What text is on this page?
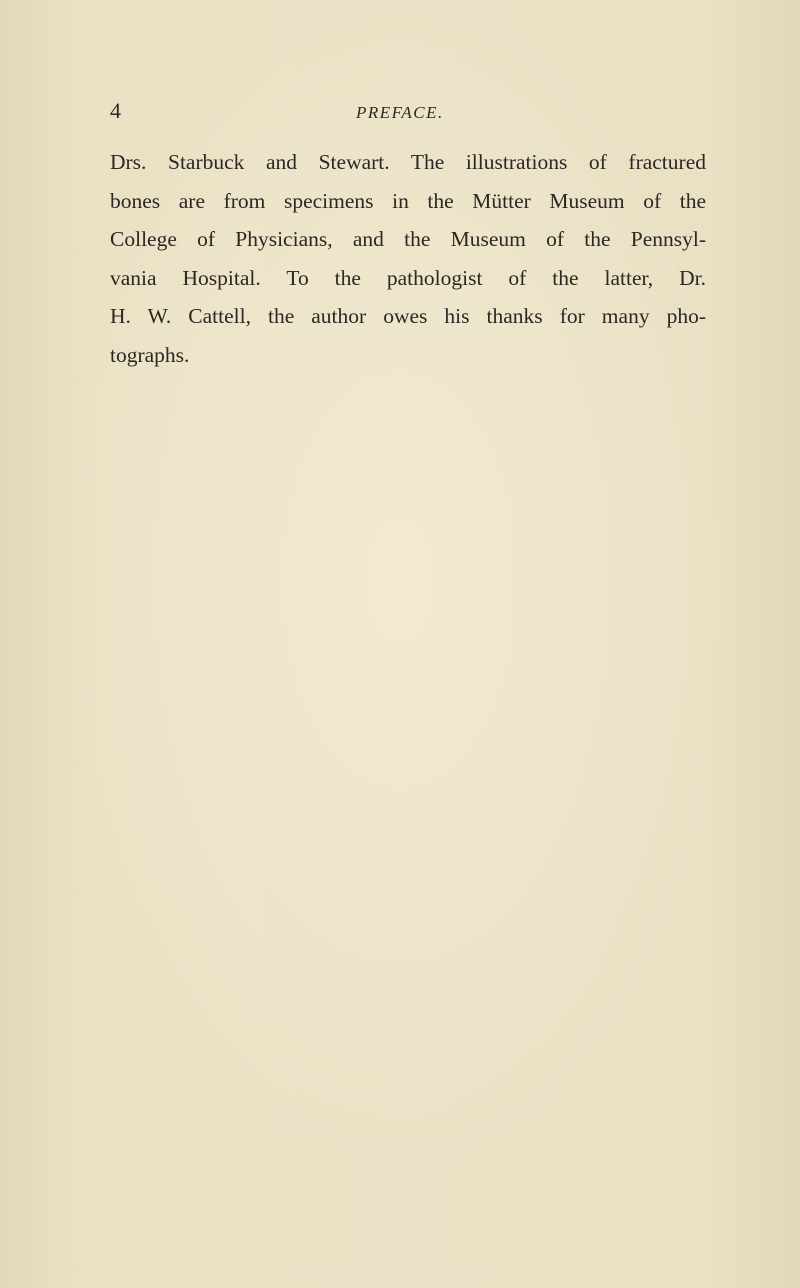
4	PREFACE.
Drs. Starbuck and Stewart. The illustrations of fractured
bones are from specimens in the Mütter Museum of the
College of Physicians, and the Museum of the Pennsyl-
vania Hospital. To the pathologist of the latter, Dr.
H. W. Cattell, the author owes his thanks for many pho-
tographs.
